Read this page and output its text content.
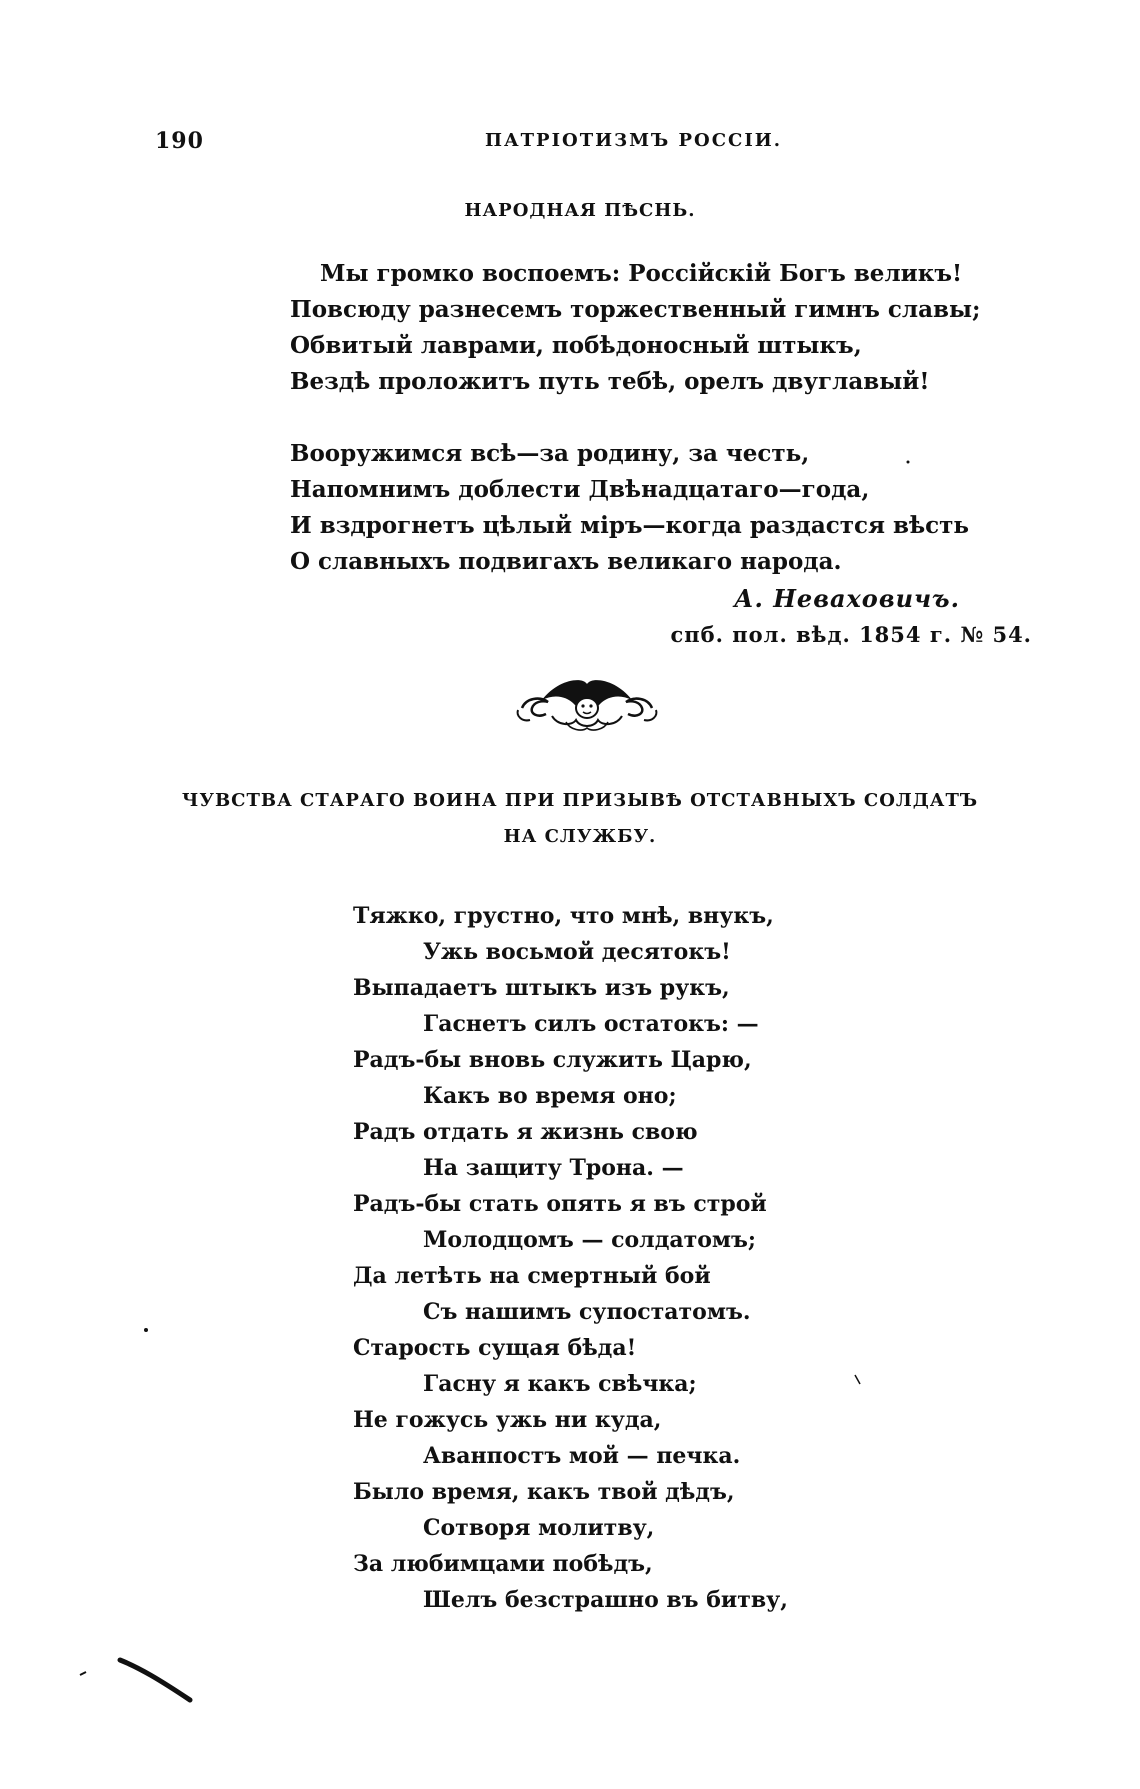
190	ПАТРІОТИЗМЪ РОССІИ.
НАРОДНАЯ ПѢСНЬ.
Мы громко воспоемъ: Россійскій Богъ великъ!
Повсюду разнесемъ торжественный гимнъ славы;
Обвитый лаврами, побѣдоносный штыкъ,
Вездѣ проложитъ путь тебѣ, орелъ двуглавый!
Вооружимся всѣ—за родину, за честь,
Напомнимъ доблести Двѣнадцатаго—года,
И вздрогнетъ цѣлый міръ—когда раздастся вѣсть
О славныхъ подвигахъ великаго народа.
А. Неваховичъ.
спб. пол. вѣд. 1854 г. № 54.
ЧУВСТВА СТАРАГО ВОИНА ПРИ ПРИЗЫВѢ ОТСТАВНЫХЪ СОЛДАТЪ
НА СЛУЖБУ.
Тяжко, грустно, что мнѣ, внукъ,
Ужь восьмой десятокъ!
Выпадаетъ штыкъ изъ рукъ,
Гаснетъ силъ остатокъ: —
Радъ-бы вновь служить Царю,
Какъ во время оно;
Радъ отдать я жизнь свою
На защиту Трона. —
Радъ-бы стать опять я въ строй
Молодцомъ — солдатомъ;
Да летѣть на смертный бой
Съ нашимъ супостатомъ.
Старость сущая бѣда!
Гасну я какъ свѣчка;
Не гожусь ужь ни куда,
Аванпостъ мой — печка.
Было время, какъ твой дѣдъ,
Сотворя молитву,
За любимцами побѣдъ,
Шелъ безстрашно въ битву,
